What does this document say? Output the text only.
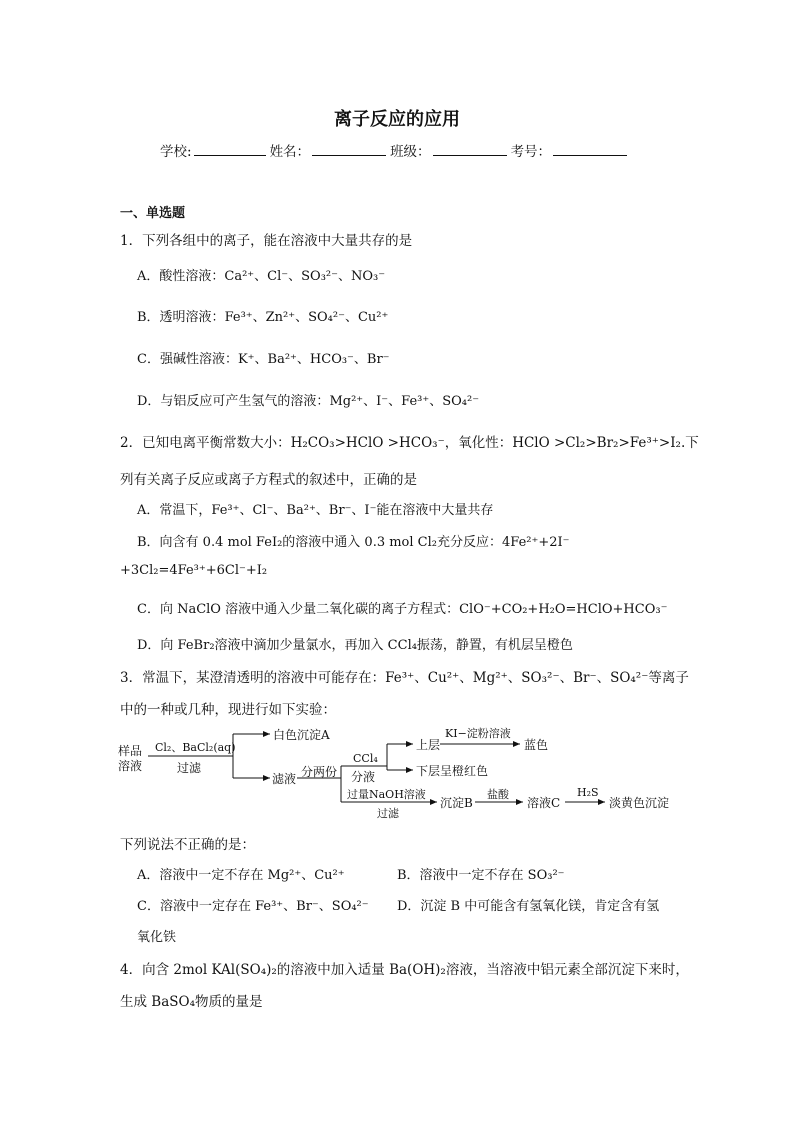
离子反应的应用
学校:	姓名：	班级：	考号：
一、单选题
1．下列各组中的离子，能在溶液中大量共存的是
A．酸性溶液：Ca²⁺、Cl⁻、SO₃²⁻、NO₃⁻
B．透明溶液：Fe³⁺、Zn²⁺、SO₄²⁻、Cu²⁺
C．强碱性溶液：K⁺、Ba²⁺、HCO₃⁻、Br⁻
D．与铝反应可产生氢气的溶液：Mg²⁺、I⁻、Fe³⁺、SO₄²⁻
2．已知电离平衡常数大小：H₂CO₃>HClO >HCO₃⁻，氧化性：HClO >Cl₂>Br₂>Fe³⁺>I₂.下
列有关离子反应或离子方程式的叙述中，正确的是
A．常温下，Fe³⁺、Cl⁻、Ba²⁺、Br⁻、I⁻能在溶液中大量共存
B．向含有 0.4 mol FeI₂的溶液中通入 0.3 mol Cl₂充分反应：4Fe²⁺+2I⁻
+3Cl₂=4Fe³⁺+6Cl⁻+I₂
C．向 NaClO 溶液中通入少量二氧化碳的离子方程式：ClO⁻+CO₂+H₂O=HClO+HCO₃⁻
D．向 FeBr₂溶液中滴加少量氯水，再加入 CCl₄振荡，静置，有机层呈橙色
3．常温下，某澄清透明的溶液中可能存在：Fe³⁺、Cu²⁺、Mg²⁺、SO₃²⁻、Br⁻、SO₄²⁻等离子
中的一种或几种，现进行如下实验：
样品
溶液
Cl₂、BaCl₂(aq)
过滤
白色沉淀A
滤液 分两份
CCl₄
分液
上层
KI−淀粉溶液
蓝色
下层呈橙红色
过量NaOH溶液
过滤
沉淀B
盐酸
溶液C
H₂S
淡黄色沉淀
下列说法不正确的是：
A．溶液中一定不存在 Mg²⁺、Cu²⁺	B．溶液中一定不存在 SO₃²⁻
C．溶液中一定存在 Fe³⁺、Br⁻、SO₄²⁻ D．沉淀 B 中可能含有氢氧化镁，肯定含有氢
氧化铁
4．向含 2mol KAl(SO₄)₂的溶液中加入适量 Ba(OH)₂溶液，当溶液中铝元素全部沉淀下来时，
生成 BaSO₄物质的量是
